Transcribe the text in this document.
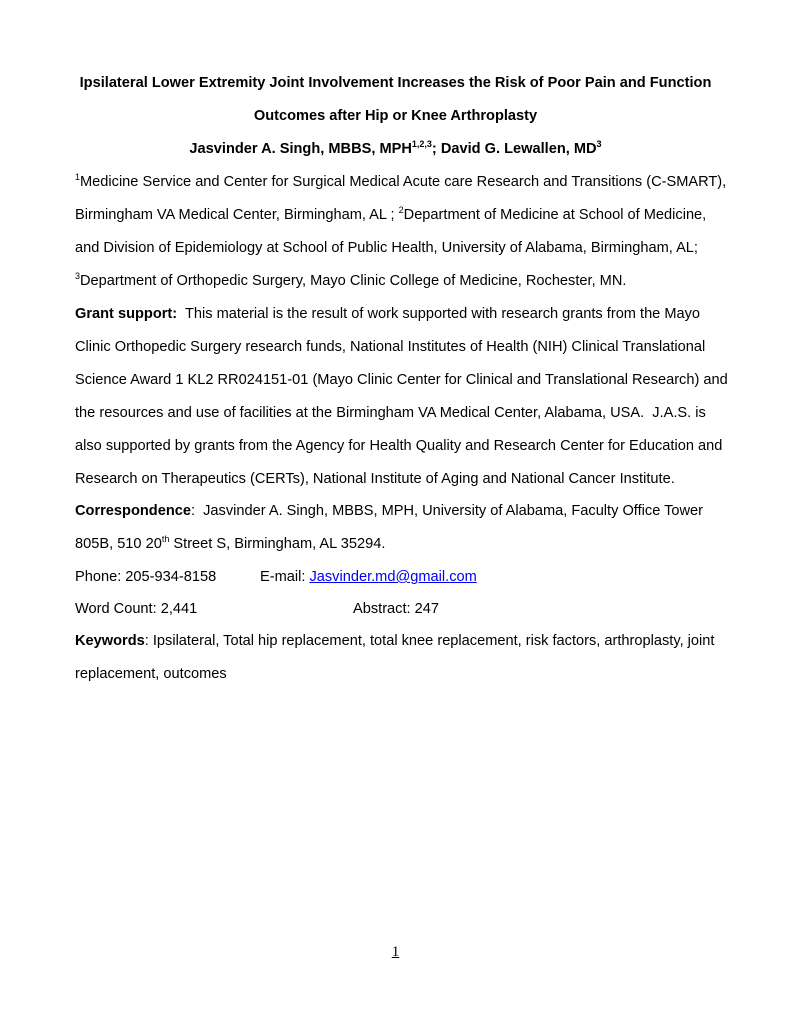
Ipsilateral Lower Extremity Joint Involvement Increases the Risk of Poor Pain and Function
Outcomes after Hip or Knee Arthroplasty
Jasvinder A. Singh, MBBS, MPH$^{1,2,3}$; David G. Lewallen, $MD^3$
$^1$Medicine Service and Center for Surgical Medical Acute care Research and Transitions (C-SMART),
Birmingham VA Medical Center, Birmingham, AL ; $^2$Department of Medicine at School of Medicine,
and Division of Epidemiology at School of Public Health, University of Alabama, Birmingham, AL;
$^3$Department of Orthopedic Surgery, Mayo Clinic College of Medicine, Rochester, MN.
Grant support:  This material is the result of work supported with research grants from the Mayo
Clinic Orthopedic Surgery research funds, National Institutes of Health (NIH) Clinical Translational
Science Award 1 KL2 RR024151-01 (Mayo Clinic Center for Clinical and Translational Research) and
the resources and use of facilities at the Birmingham VA Medical Center, Alabama, USA.  J.A.S. is
also supported by grants from the Agency for Health Quality and Research Center for Education and
Research on Therapeutics (CERTs), National Institute of Aging and National Cancer Institute.
Correspondence:  Jasvinder A. Singh, MBBS, MPH, University of Alabama, Faculty Office Tower
805B, 510 20th Street S, Birmingham, AL 35294.
Phone: 205-934-8158	E-mail: Jasvinder.md@gmail.com
Word Count: 2,441	Abstract: 247
Keywords: Ipsilateral, Total hip replacement, total knee replacement, risk factors, arthroplasty, joint
replacement, outcomes
1
